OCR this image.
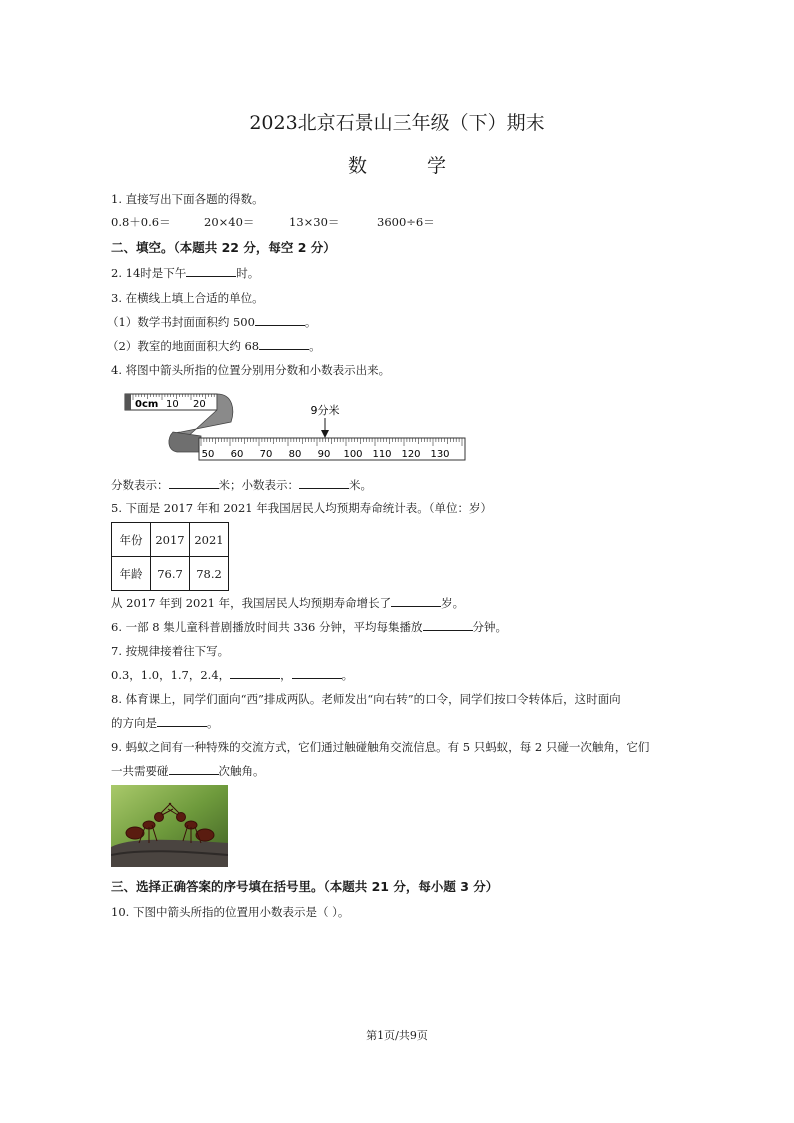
2023北京石景山三年级（下）期末
数	学
1. 直接写出下面各题的得数。
0.8＋0.6＝	20×40＝	13×30＝	3600÷6＝
二、填空。（本题共 22 分，每空 2 分）
2. 14时是下午	时。
3. 在横线上填上合适的单位。
（1）数学书封面面积约 500	。
（2）教室的地面面积大约 68	。
4. 将图中箭头所指的位置分别用分数和小数表示出来。
0cm 10 20
50 60 70 80 90 100 110 120 130
9分米
分数表示：	米；小数表示：	米。
5. 下面是 2017 年和 2021 年我国居民人均预期寿命统计表。（单位：岁）
年份	2017	2021
年龄	76.7	78.2
从 2017 年到 2021 年，我国居民人均预期寿命增长了	岁。
6. 一部 8 集儿童科普剧播放时间共 336 分钟，平均每集播放	分钟。
7. 按规律接着往下写。
0.3，1.0，1.7，2.4，	，	。
8. 体育课上，同学们面向“西”排成两队。老师发出“向右转”的口令，同学们按口令转体后，这时面向
的方向是	。
9. 蚂蚁之间有一种特殊的交流方式，它们通过触碰触角交流信息。有 5 只蚂蚁，每 2 只碰一次触角，它们
一共需要碰	次触角。
三、选择正确答案的序号填在括号里。（本题共 21 分，每小题 3 分）
10. 下图中箭头所指的位置用小数表示是（ ）。
第1页/共9页
